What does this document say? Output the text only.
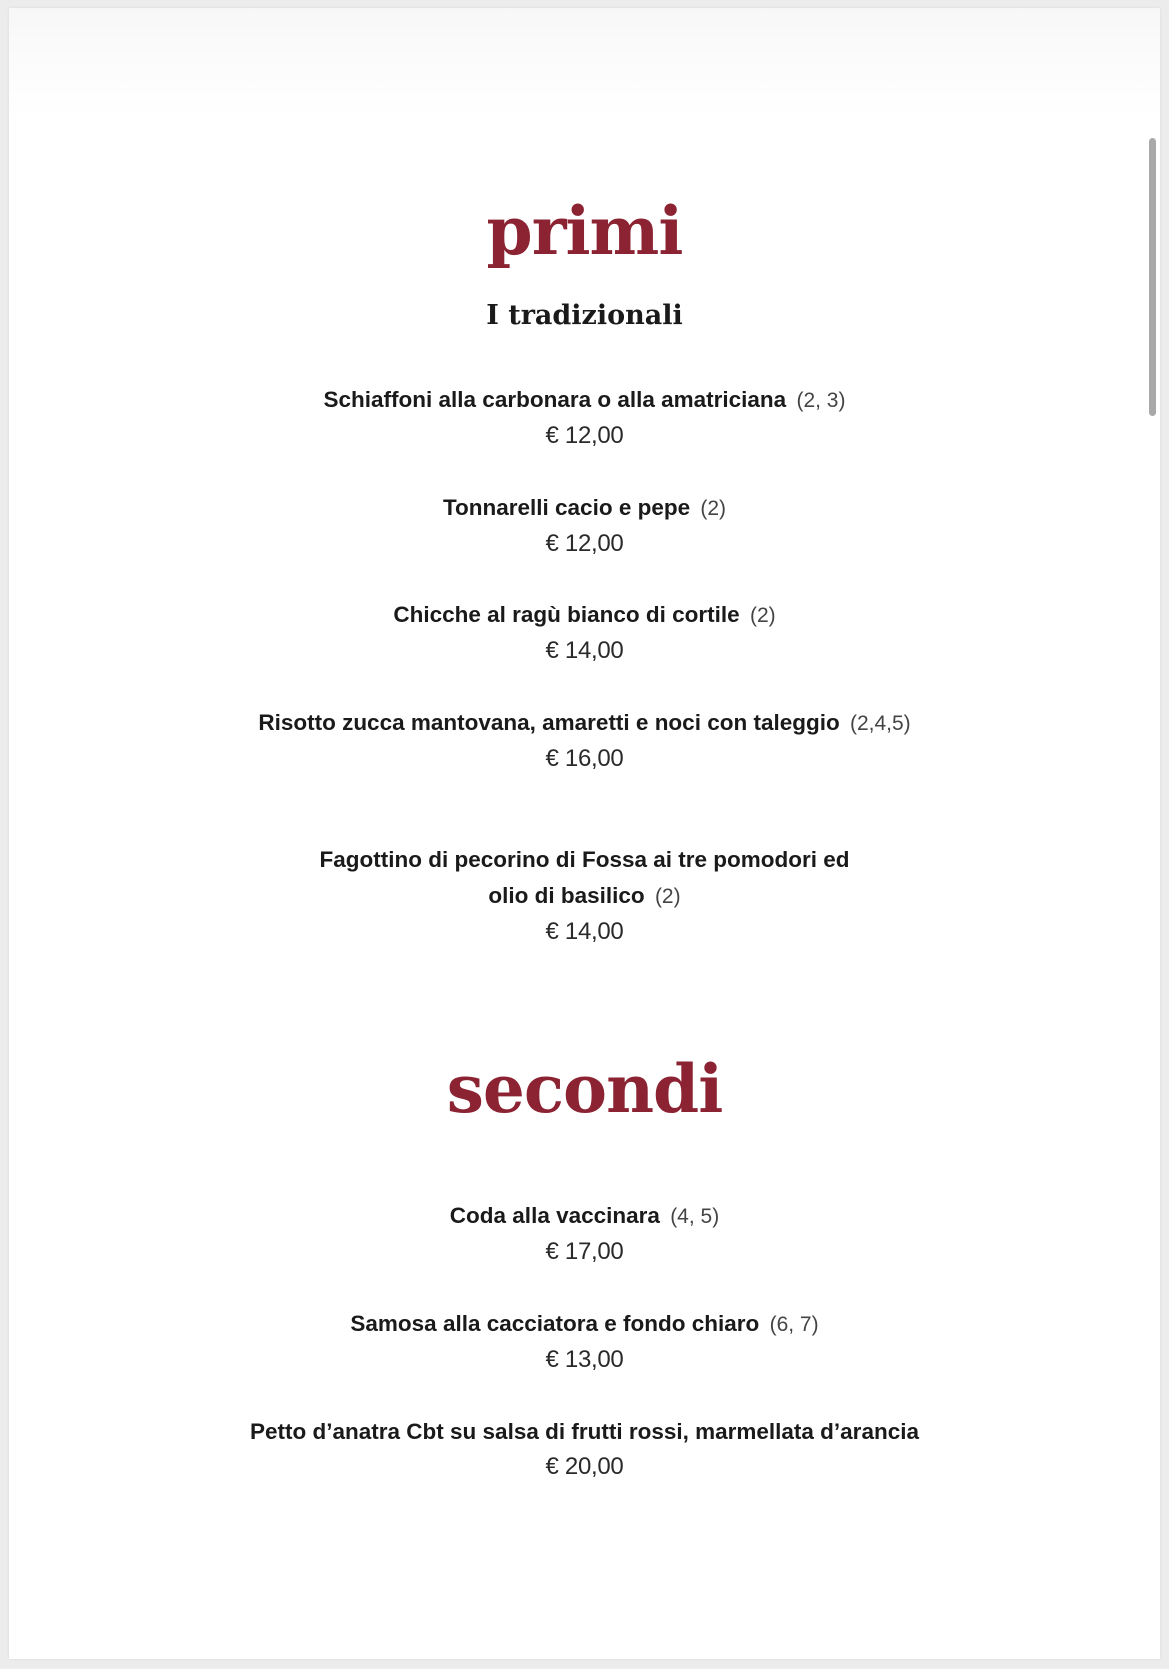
primi
I tradizionali
Schiaffoni alla carbonara o alla amatriciana (2, 3)
€ 12,00
Tonnarelli cacio e pepe (2)
€ 12,00
Chicche al ragù bianco di cortile (2)
€ 14,00
Risotto zucca mantovana, amaretti e noci con taleggio (2,4,5)
€ 16,00
Fagottino di pecorino di Fossa ai tre pomodori ed
olio di basilico (2)
€ 14,00
secondi
Coda alla vaccinara (4, 5)
€ 17,00
Samosa alla cacciatora e fondo chiaro (6, 7)
€ 13,00
Petto d’anatra Cbt su salsa di frutti rossi, marmellata d’arancia
€ 20,00
